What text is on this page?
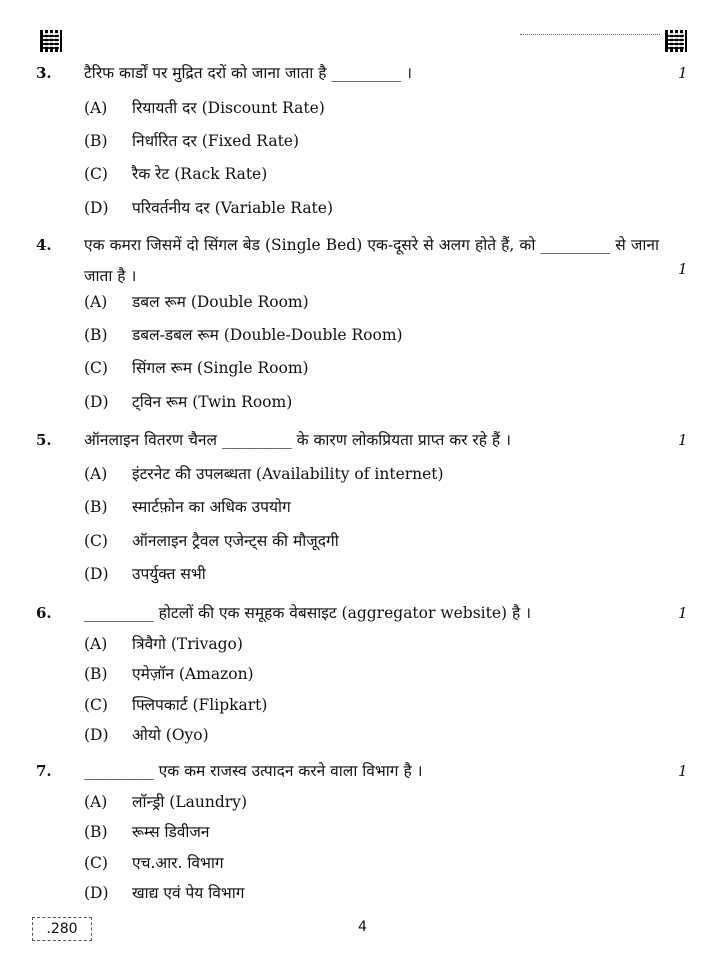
3. टैरिफ कार्डों पर मुद्रित दरों को जाना जाता है _________ ।	1
(A) रियायती दर (Discount Rate)
(B) निर्धारित दर (Fixed Rate)
(C) रैक रेट (Rack Rate)
(D) परिवर्तनीय दर (Variable Rate)
4. एक कमरा जिसमें दो सिंगल बेड (Single Bed) एक-दूसरे से अलग होते हैं, को _________ से जाना जाता है ।	1
(A) डबल रूम (Double Room)
(B) डबल-डबल रूम (Double-Double Room)
(C) सिंगल रूम (Single Room)
(D) ट्विन रूम (Twin Room)
5. ऑनलाइन वितरण चैनल _________ के कारण लोकप्रियता प्राप्त कर रहे हैं ।	1
(A) इंटरनेट की उपलब्धता (Availability of internet)
(B) स्मार्टफ़ोन का अधिक उपयोग
(C) ऑनलाइन ट्रैवल एजेन्ट्स की मौजूदगी
(D) उपर्युक्त सभी
6. _________ होटलों की एक समूहक वेबसाइट (aggregator website) है ।	1
(A) त्रिवैगो (Trivago)
(B) एमेज़ॉन (Amazon)
(C) फ्लिपकार्ट (Flipkart)
(D) ओयो (Oyo)
7. _________ एक कम राजस्व उत्पादन करने वाला विभाग है ।	1
(A) लॉन्ड्री (Laundry)
(B) रूम्स डिवीजन
(C) एच.आर. विभाग
(D) खाद्य एवं पेय विभाग
.280	4
